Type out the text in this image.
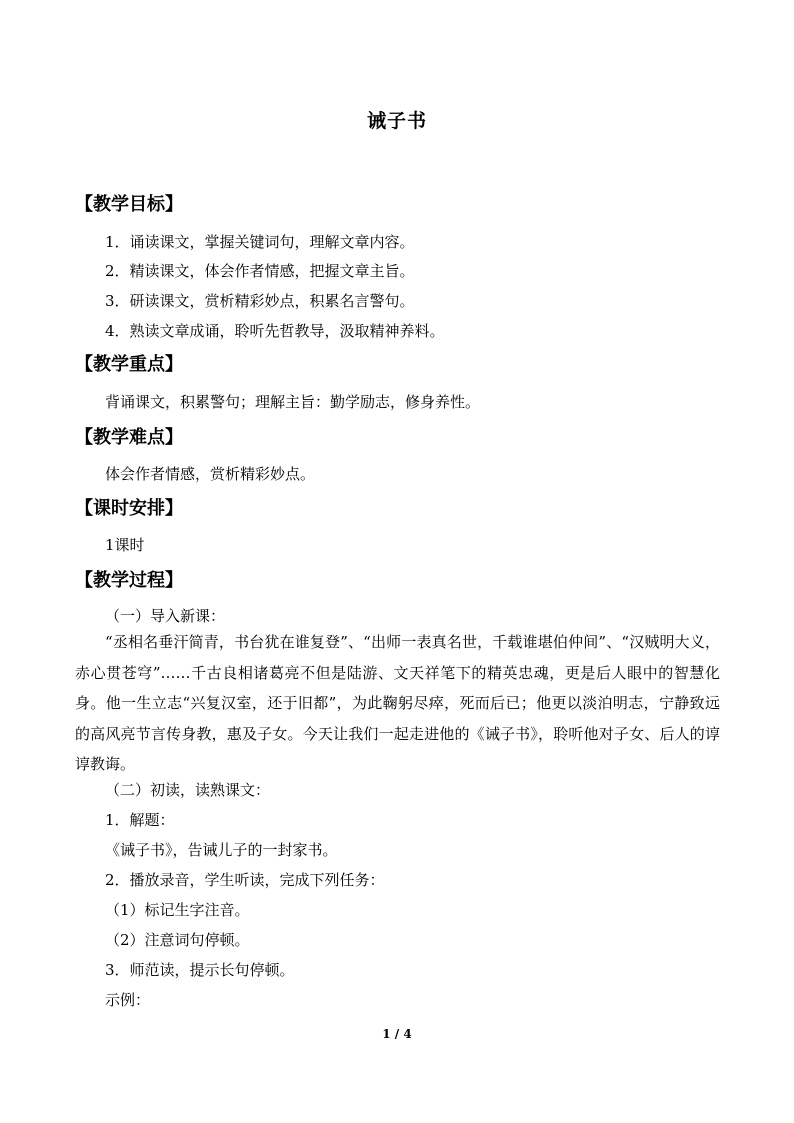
诫子书
【教学目标】
1．诵读课文，掌握关键词句，理解文章内容。
2．精读课文，体会作者情感，把握文章主旨。
3．研读课文，赏析精彩妙点，积累名言警句。
4．熟读文章成诵，聆听先哲教导，汲取精神养料。
【教学重点】
背诵课文，积累警句；理解主旨：勤学励志，修身养性。
【教学难点】
体会作者情感，赏析精彩妙点。
【课时安排】
1课时
【教学过程】
（一）导入新课：

“丞相名垂汗简青，书台犹在谁复登”、“出师一表真名世，千载谁堪伯仲间”、“汉贼明大义，赤心贯苍穹”……千古良相诸葛亮不但是陆游、文天祥笔下的精英忠魂，更是后人眼中的智慧化身。他一生立志“兴复汉室，还于旧都”，为此鞠躬尽瘁，死而后已；他更以淡泊明志，宁静致远的高风亮节言传身教，惠及子女。今天让我们一起走进他的《诫子书》，聆听他对子女、后人的谆谆教诲。

（二）初读，读熟课文：
1．解题：
《诫子书》，告诫儿子的一封家书。
2．播放录音，学生听读，完成下列任务：
（1）标记生字注音。
（2）注意词句停顿。
3．师范读，提示长句停顿。
示例：
1 / 4
